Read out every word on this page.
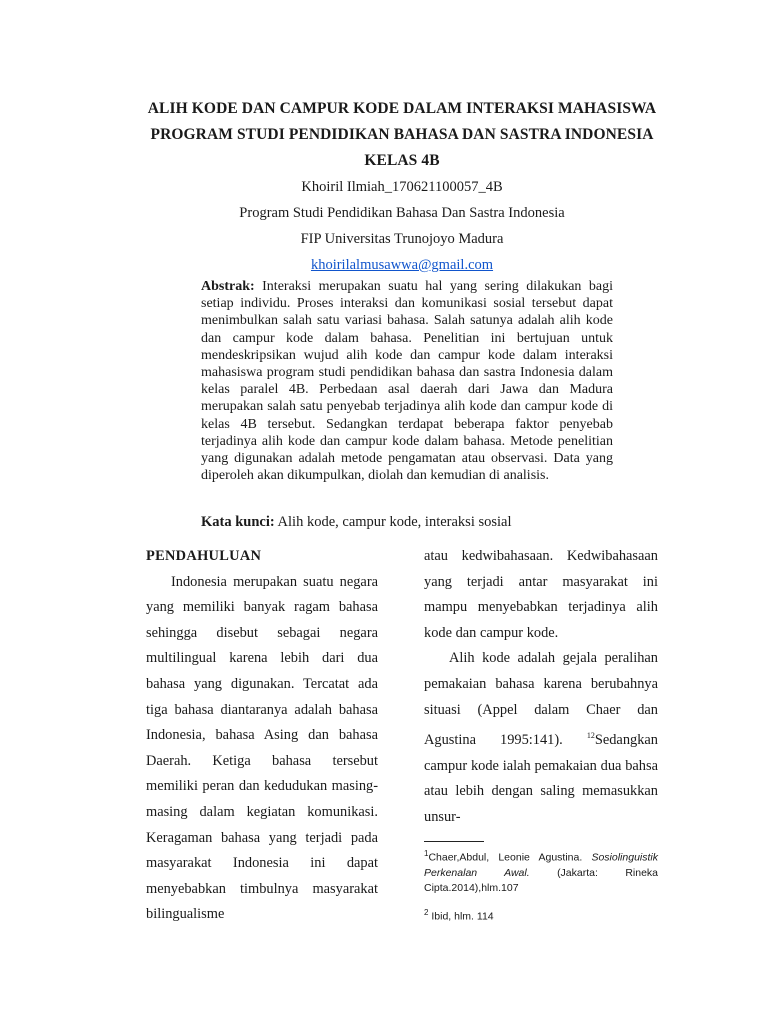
ALIH KODE DAN CAMPUR KODE DALAM INTERAKSI MAHASISWA
PROGRAM STUDI PENDIDIKAN BAHASA DAN SASTRA INDONESIA
KELAS 4B
Khoiril Ilmiah_170621100057_4B
Program Studi Pendidikan Bahasa Dan Sastra Indonesia
FIP Universitas Trunojoyo Madura
khoirilalmusawwa@gmail.com
Abstrak: Interaksi merupakan suatu hal yang sering dilakukan bagi setiap individu. Proses interaksi dan komunikasi sosial tersebut dapat menimbulkan salah satu variasi bahasa. Salah satunya adalah alih kode dan campur kode dalam bahasa. Penelitian ini bertujuan untuk mendeskripsikan wujud alih kode dan campur kode dalam interaksi mahasiswa program studi pendidikan bahasa dan sastra Indonesia dalam kelas paralel 4B. Perbedaan asal daerah dari Jawa dan Madura merupakan salah satu penyebab terjadinya alih kode dan campur kode di kelas 4B tersebut. Sedangkan terdapat beberapa faktor penyebab terjadinya alih kode dan campur kode dalam bahasa. Metode penelitian yang digunakan adalah metode pengamatan atau observasi. Data yang diperoleh akan dikumpulkan, diolah dan kemudian di analisis.
Kata kunci: Alih kode, campur kode, interaksi sosial

PENDAHULUAN

Indonesia merupakan suatu negara yang memiliki banyak ragam bahasa sehingga disebut sebagai negara multilingual karena lebih dari dua bahasa yang digunakan. Tercatat ada tiga bahasa diantaranya adalah bahasa Indonesia, bahasa Asing dan bahasa Daerah. Ketiga bahasa tersebut memiliki peran dan kedudukan masing-masing dalam kegiatan komunikasi. Keragaman bahasa yang terjadi pada masyarakat Indonesia ini dapat menyebabkan timbulnya masyarakat bilingualisme

atau kedwibahasaan. Kedwibahasaan yang terjadi antar masyarakat ini mampu menyebabkan terjadinya alih kode dan campur kode.

Alih kode adalah gejala peralihan pemakaian bahasa karena berubahnya situasi (Appel dalam Chaer dan Agustina 1995:141).	$^{12}$Sedangkan campur kode ialah pemakaian dua bahsa atau lebih dengan saling memasukkan unsur-

$^1$Chaer,Abdul, Leonie Agustina. Sosiolinguistik Perkenalan Awal.	(Jakarta: Rineka Cipta.2014),hlm.107
$^2$ Ibid, hlm. 114
